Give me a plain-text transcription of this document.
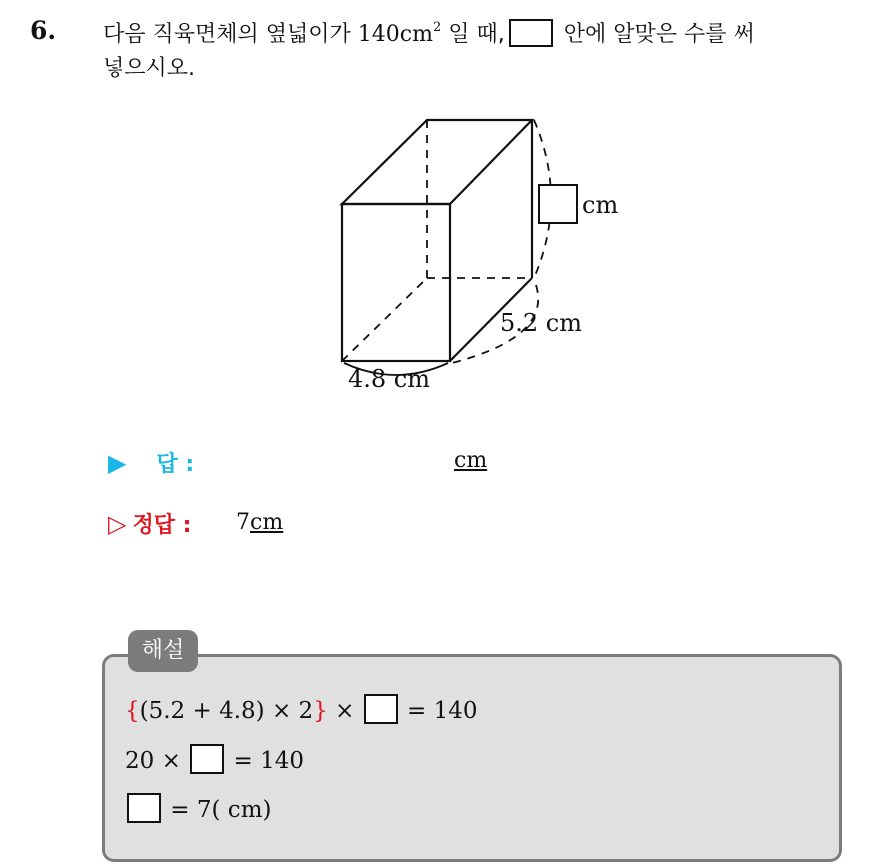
6. 다음 직육면체의 옆넓이가 $140cm^2$ 일 때, 안에 알맞은 수를 써
넣으시오.
cm
5.2 cm
4.8 cm
▶ 답 :	cm
▷ 정답 : 7cm
해설
{(5.2 + 4.8) × 2} ×  = 140
20 ×  = 140
= 7( cm)
